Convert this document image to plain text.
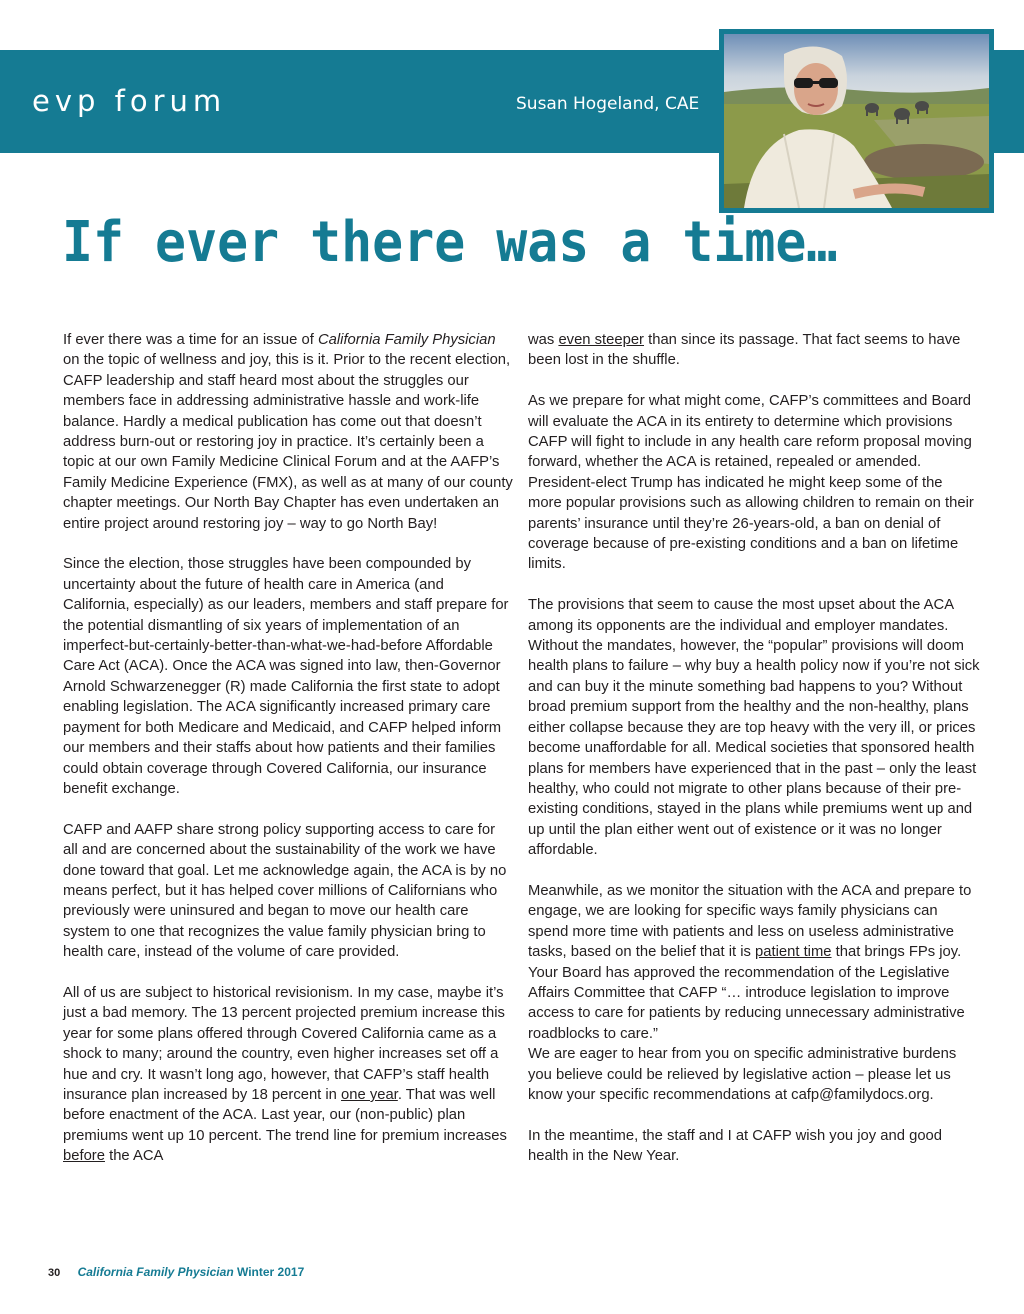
evp forum	Susan Hogeland, CAE
If ever there was a time…

If ever there was a time for an issue of California Family Physician on the topic of wellness and joy, this is it. Prior to the recent election, CAFP leadership and staff heard most about the struggles our members face in addressing administrative hassle and work-life balance. Hardly a medical publication has come out that doesn’t address burn-out or restoring joy in practice. It’s certainly been a topic at our own Family Medicine Clinical Forum and at the AAFP’s Family Medicine Experience (FMX), as well as at many of our county chapter meetings. Our North Bay Chapter has even undertaken an entire project around restoring joy – way to go North Bay!

Since the election, those struggles have been compounded by uncertainty about the future of health care in America (and California, especially) as our leaders, members and staff prepare for the potential dismantling of six years of implementation of an imperfect-but-certainly-better-than-what-we-had-before Affordable Care Act (ACA). Once the ACA was signed into law, then-Governor Arnold Schwarzenegger (R) made California the first state to adopt enabling legislation. The ACA significantly increased primary care payment for both Medicare and Medicaid, and CAFP helped inform our members and their staffs about how patients and their families could obtain coverage through Covered California, our insurance benefit exchange.

CAFP and AAFP share strong policy supporting access to care for all and are concerned about the sustainability of the work we have done toward that goal. Let me acknowledge again, the ACA is by no means perfect, but it has helped cover millions of Californians who previously were uninsured and began to move our health care system to one that recognizes the value family physician bring to health care, instead of the volume of care provided.

All of us are subject to historical revisionism. In my case, maybe it’s just a bad memory. The 13 percent projected premium increase this year for some plans offered through Covered California came as a shock to many; around the country, even higher increases set off a hue and cry. It wasn’t long ago, however, that CAFP’s staff health insurance plan increased by 18 percent in one year. That was well before enactment of the ACA. Last year, our (non-public) plan premiums went up 10 percent. The trend line for premium increases before the ACA

was even steeper than since its passage. That fact seems to have been lost in the shuffle.

As we prepare for what might come, CAFP’s committees and Board will evaluate the ACA in its entirety to determine which provisions CAFP will fight to include in any health care reform proposal moving forward, whether the ACA is retained, repealed or amended. President-elect Trump has indicated he might keep some of the more popular provisions such as allowing children to remain on their parents’ insurance until they’re 26-years-old, a ban on denial of coverage because of pre-existing conditions and a ban on lifetime limits.

The provisions that seem to cause the most upset about the ACA among its opponents are the individual and employer mandates. Without the mandates, however, the “popular” provisions will doom health plans to failure – why buy a health policy now if you’re not sick and can buy it the minute something bad happens to you? Without broad premium support from the healthy and the non-healthy, plans either collapse because they are top heavy with the very ill, or prices become unaffordable for all. Medical societies that sponsored health plans for members have experienced that in the past – only the least healthy, who could not migrate to other plans because of their pre-existing conditions, stayed in the plans while premiums went up and up until the plan either went out of existence or it was no longer affordable.

Meanwhile, as we monitor the situation with the ACA and prepare to engage, we are looking for specific ways family physicians can spend more time with patients and less on useless administrative tasks, based on the belief that it is patient time that brings FPs joy. Your Board has approved the recommendation of the Legislative Affairs Committee that CAFP “… introduce legislation to improve access to care for patients by reducing unnecessary administrative roadblocks to care.”
We are eager to hear from you on specific administrative burdens you believe could be relieved by legislative action – please let us know your specific recommendations at cafp@familydocs.org.

In the meantime, the staff and I at CAFP wish you joy and good health in the New Year.

30 California Family Physician Winter 2017
